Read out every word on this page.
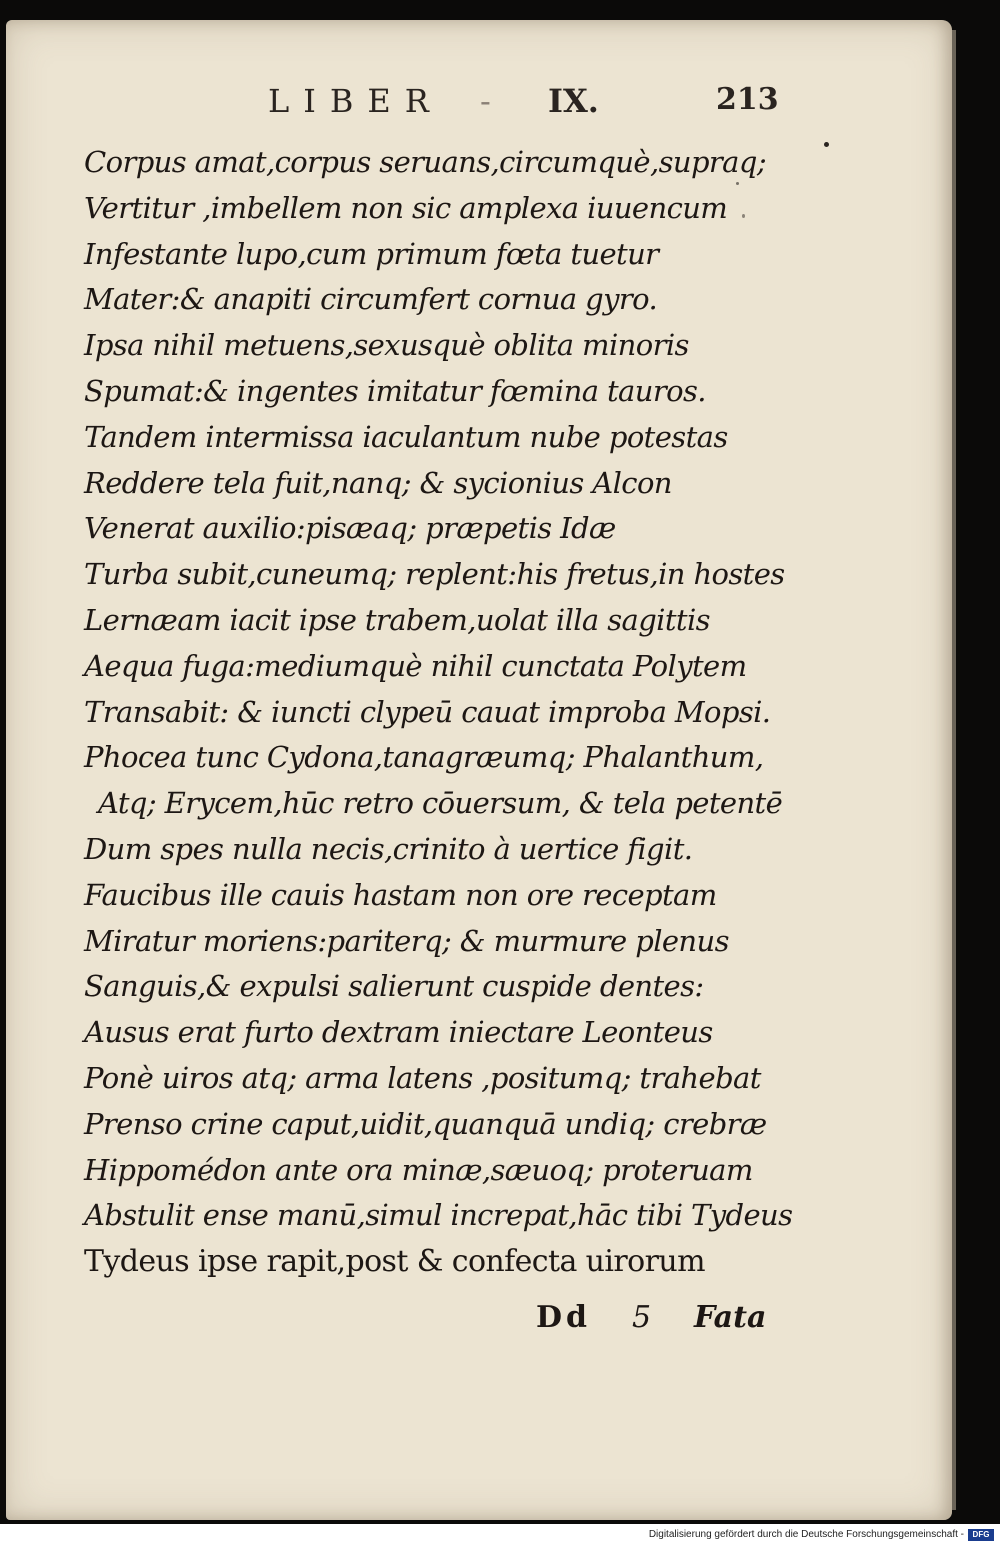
LIBER - IX.	213
Corpus amat,corpus seruans,circumquè,supraq;
Vertitur ,imbellem non sic amplexa iuuencum
Infestante lupo,cum primum fœta tuetur
Mater:& anapiti circumfert cornua gyro.
Ipsa nihil metuens,sexusquè oblita minoris
Spumat:& ingentes imitatur fœmina tauros.
Tandem intermissa iaculantum nube potestas
Reddere tela fuit,nanq; & sycionius Alcon
Venerat auxilio:pisæaq; præpetis Idæ
Turba subit,cuneumq; replent:his fretus,in hostes
Lernæam iacit ipse trabem,uolat illa sagittis
Aequa fuga:mediumquè nihil cunctata Polytem
Transabit: & iuncti clypeū cauat improba Mopsi.
Phocea tunc Cydona,tanagræumq; Phalanthum,
Atq; Erycem,hūc retro cōuersum, & tela petentē
Dum spes nulla necis,crinito à uertice figit.
Faucibus ille cauis hastam non ore receptam
Miratur moriens:pariterq; & murmure plenus
Sanguis,& expulsi salierunt cuspide dentes:
Ausus erat furto dextram iniectare Leonteus
Ponè uiros atq; arma latens ,positumq; trahebat
Prenso crine caput,uidit,quanquā undiq; crebræ
Hippomédon ante ora minæ,sæuoq; proteruam
Abstulit ense manū,simul increpat,hāc tibi Tydeus
Tydeus ipse rapit,post & confecta uirorum
Dd 5 Fata
Digitalisierung gefördert durch die Deutsche Forschungsgemeinschaft -	DFG
